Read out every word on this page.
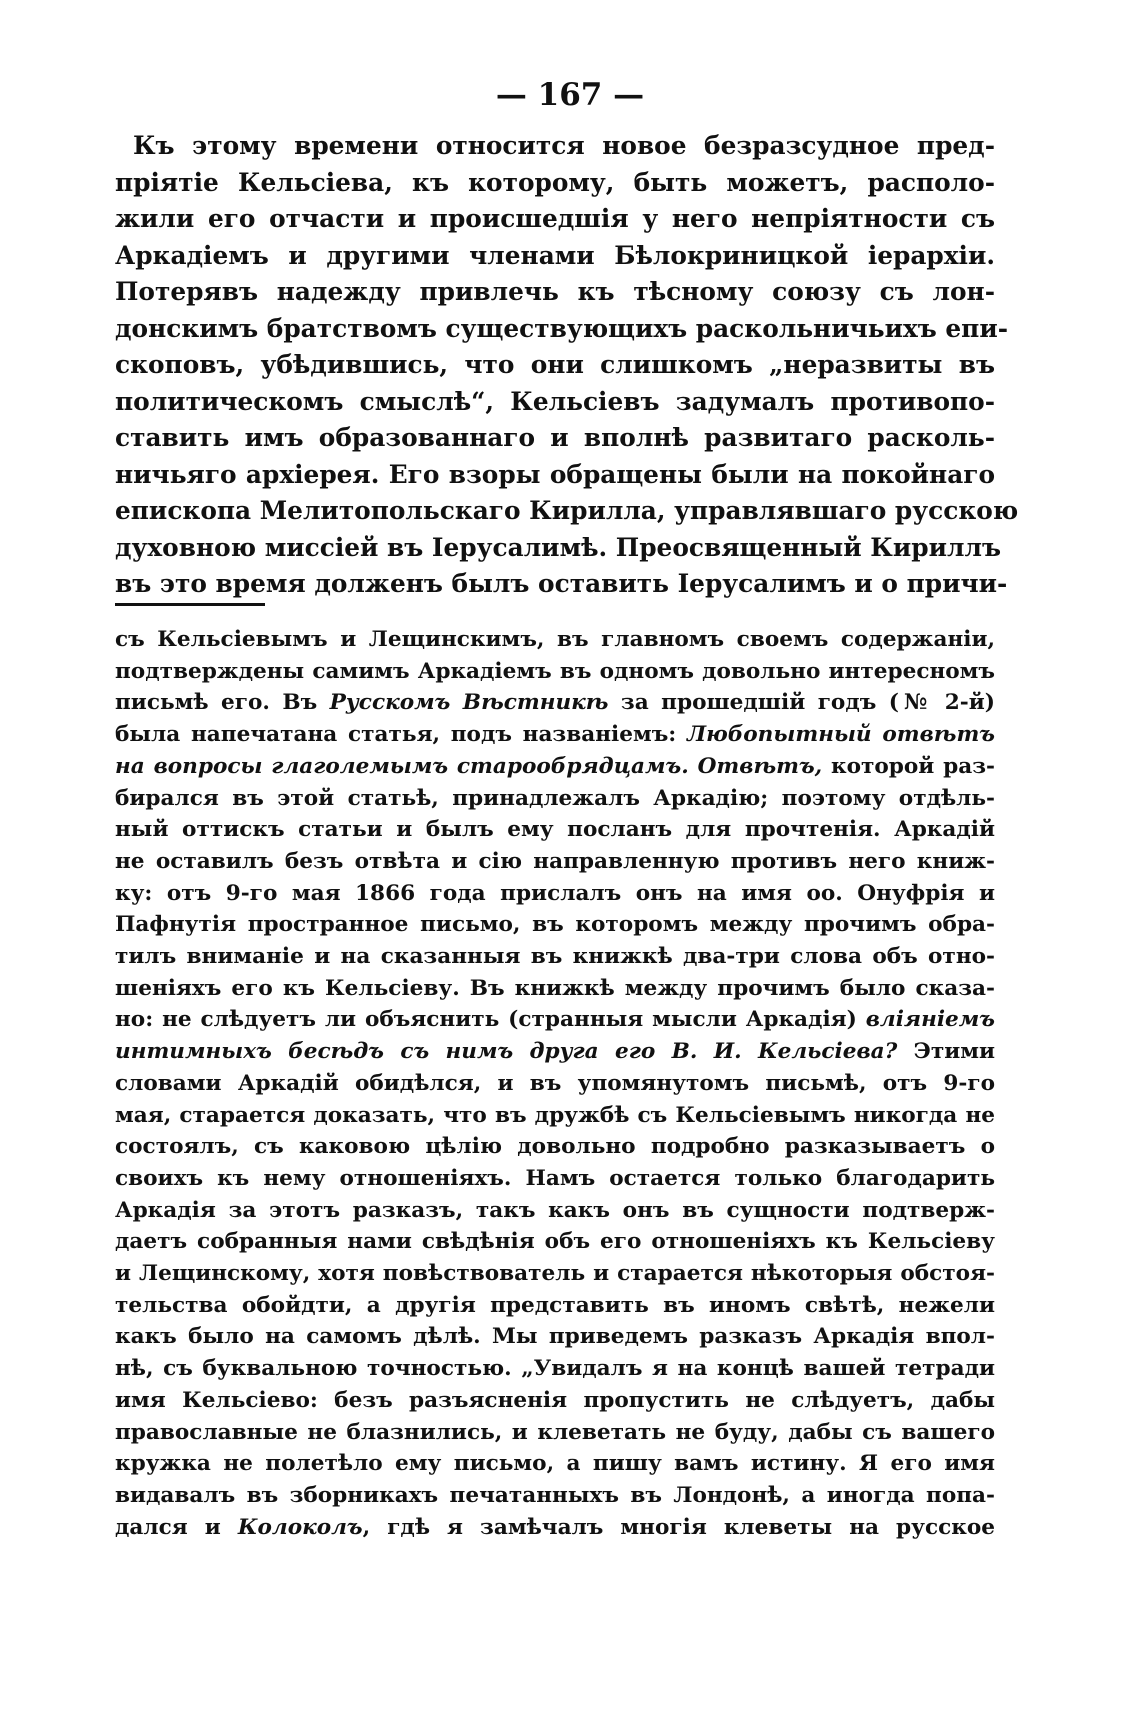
— 167 —
Къ этому времени относится новое безразсудное пред-
пріятіе Кельсіева, къ которому, быть можетъ, располо-
жили его отчасти и происшедшія у него непріятности съ
Аркадіемъ и другими членами Бѣлокриницкой іерархіи.
Потерявъ надежду привлечь къ тѣсному союзу съ лон-
донскимъ братствомъ существующихъ раскольничьихъ епи-
скоповъ, убѣдившись, что они слишкомъ „неразвиты въ
политическомъ смыслѣ“, Кельсіевъ задумалъ противопо-
ставить имъ образованнаго и вполнѣ развитаго расколь-
ничьяго архіерея. Его взоры обращены были на покойнаго
епископа Мелитопольскаго Кирилла, управлявшаго русскою
духовною миссіей въ Іерусалимѣ. Преосвященный Кириллъ
въ это время долженъ былъ оставить Іерусалимъ и о причи-
съ Кельсіевымъ и Лещинскимъ, въ главномъ своемъ содержаніи,
подтверждены самимъ Аркадіемъ въ одномъ довольно интересномъ
письмѣ его. Въ Русскомъ Вѣстникѣ за прошедшій годъ (№ 2-й)
была напечатана статья, подъ названіемъ: Любопытный отвѣтъ
на вопросы глаголемымъ старообрядцамъ. Отвѣтъ, которой раз-
бирался въ этой статьѣ, принадлежалъ Аркадію; поэтому отдѣль-
ный оттискъ статьи и былъ ему посланъ для прочтенія. Аркадій
не оставилъ безъ отвѣта и сію направленную противъ него книж-
ку: отъ 9-го мая 1866 года прислалъ онъ на имя оо. Онуфрія и
Пафнутія пространное письмо, въ которомъ между прочимъ обра-
тилъ вниманіе и на сказанныя въ книжкѣ два-три слова объ отно-
шеніяхъ его къ Кельсіеву. Въ книжкѣ между прочимъ было сказа-
но: не слѣдуетъ ли объяснить (странныя мысли Аркадія) вліяніемъ
интимныхъ бесѣдъ съ нимъ друга его В. И. Кельсіева? Этими
словами Аркадій обидѣлся, и въ упомянутомъ письмѣ, отъ 9-го
мая, старается доказать, что въ дружбѣ съ Кельсіевымъ никогда не
состоялъ, съ каковою цѣлію довольно подробно разказываетъ о
своихъ къ нему отношеніяхъ. Намъ остается только благодарить
Аркадія за этотъ разказъ, такъ какъ онъ въ сущности подтверж-
даетъ собранныя нами свѣдѣнія объ его отношеніяхъ къ Кельсіеву
и Лещинскому, хотя повѣствователь и старается нѣкоторыя обстоя-
тельства обойдти, а другія представить въ иномъ свѣтѣ, нежели
какъ было на самомъ дѣлѣ. Мы приведемъ разказъ Аркадія впол-
нѣ, съ буквальною точностью. „Увидалъ я на концѣ вашей тетради
имя Кельсіево: безъ разъясненія пропустить не слѣдуетъ, дабы
православные не блазнились, и клеветать не буду, дабы съ вашего
кружка не полетѣло ему письмо, а пишу вамъ истину. Я его имя
видавалъ въ зборникахъ печатанныхъ въ Лондонѣ, а иногда попа-
дался и Колоколъ, гдѣ я замѣчалъ многія клеветы на русское
